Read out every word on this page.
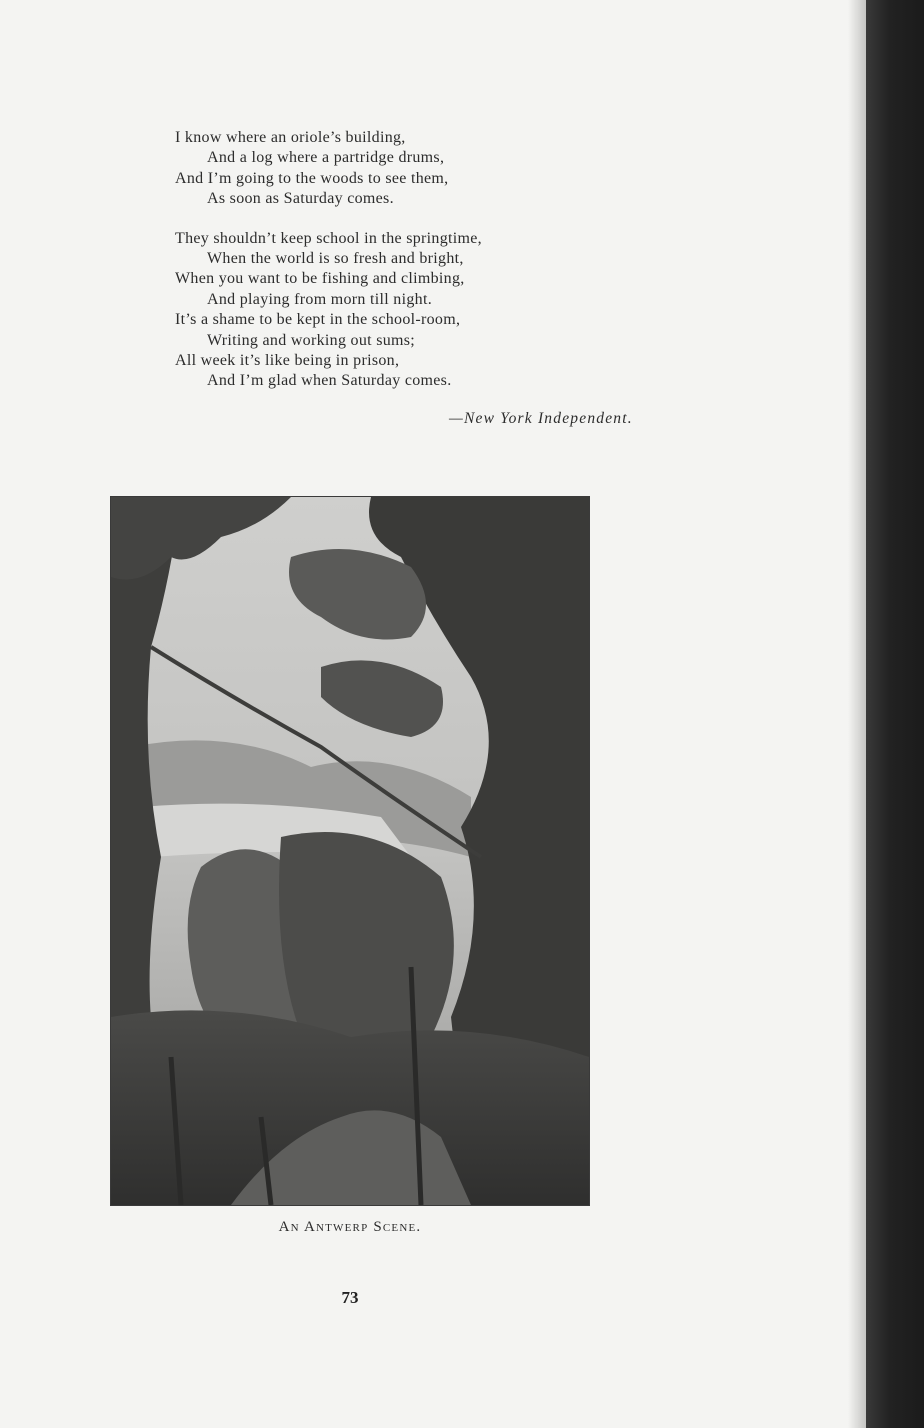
I know where an oriole’s building,
And a log where a partridge drums,
And I’m going to the woods to see them,
As soon as Saturday comes.
They shouldn’t keep school in the springtime,
When the world is so fresh and bright,
When you want to be fishing and climbing,
And playing from morn till night.
It’s a shame to be kept in the school-room,
Writing and working out sums;
All week it’s like being in prison,
And I’m glad when Saturday comes.
—New York Independent.
An Antwerp Scene.
73
